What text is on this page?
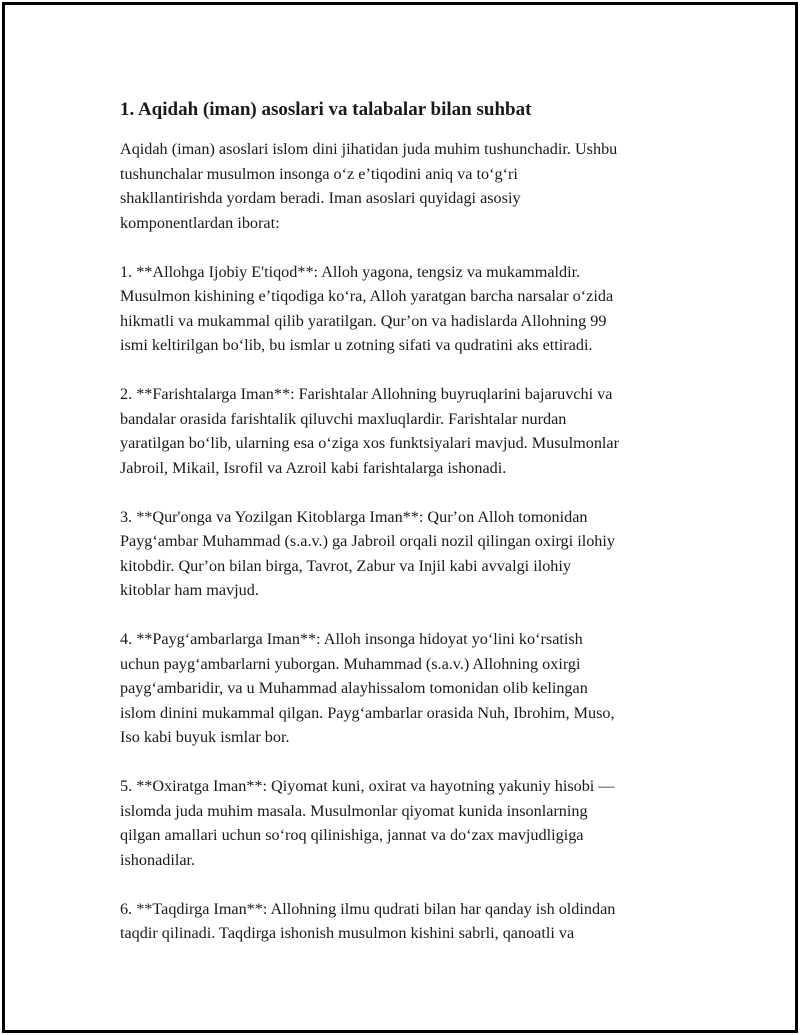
1. Aqidah (iman) asoslari va talabalar bilan suhbat
Aqidah (iman) asoslari islom dini jihatidan juda muhim tushunchadir. Ushbu
tushunchalar musulmon insonga oʻz eʼtiqodini aniq va toʻgʻri
shakllantirishda yordam beradi. Iman asoslari quyidagi asosiy
komponentlardan iborat:
1. **Allohga Ijobiy E'tiqod**: Alloh yagona, tengsiz va mukammaldir.
Musulmon kishining eʼtiqodiga koʻra, Alloh yaratgan barcha narsalar oʻzida
hikmatli va mukammal qilib yaratilgan. Qurʼon va hadislarda Allohning 99
ismi keltirilgan boʻlib, bu ismlar u zotning sifati va qudratini aks ettiradi.
2. **Farishtalarga Iman**: Farishtalar Allohning buyruqlarini bajaruvchi va
bandalar orasida farishtalik qiluvchi maxluqlardir. Farishtalar nurdan
yaratilgan boʻlib, ularning esa oʻziga xos funktsiyalari mavjud. Musulmonlar
Jabroil, Mikail, Isrofil va Azroil kabi farishtalarga ishonadi.
3. **Qur'onga va Yozilgan Kitoblarga Iman**: Qurʼon Alloh tomonidan
Paygʻambar Muhammad (s.a.v.) ga Jabroil orqali nozil qilingan oxirgi ilohiy
kitobdir. Qurʼon bilan birga, Tavrot, Zabur va Injil kabi avvalgi ilohiy
kitoblar ham mavjud.
4. **Paygʻambarlarga Iman**: Alloh insonga hidoyat yoʻlini koʻrsatish
uchun paygʻambarlarni yuborgan. Muhammad (s.a.v.) Allohning oxirgi
paygʻambaridir, va u Muhammad alayhissalom tomonidan olib kelingan
islom dinini mukammal qilgan. Paygʻambarlar orasida Nuh, Ibrohim, Muso,
Iso kabi buyuk ismlar bor.
5. **Oxiratga Iman**: Qiyomat kuni, oxirat va hayotning yakuniy hisobi —
islomda juda muhim masala. Musulmonlar qiyomat kunida insonlarning
qilgan amallari uchun soʻroq qilinishiga, jannat va doʻzax mavjudligiga
ishonadilar.
6. **Taqdirga Iman**: Allohning ilmu qudrati bilan har qanday ish oldindan
taqdir qilinadi. Taqdirga ishonish musulmon kishini sabrli, qanoatli va
